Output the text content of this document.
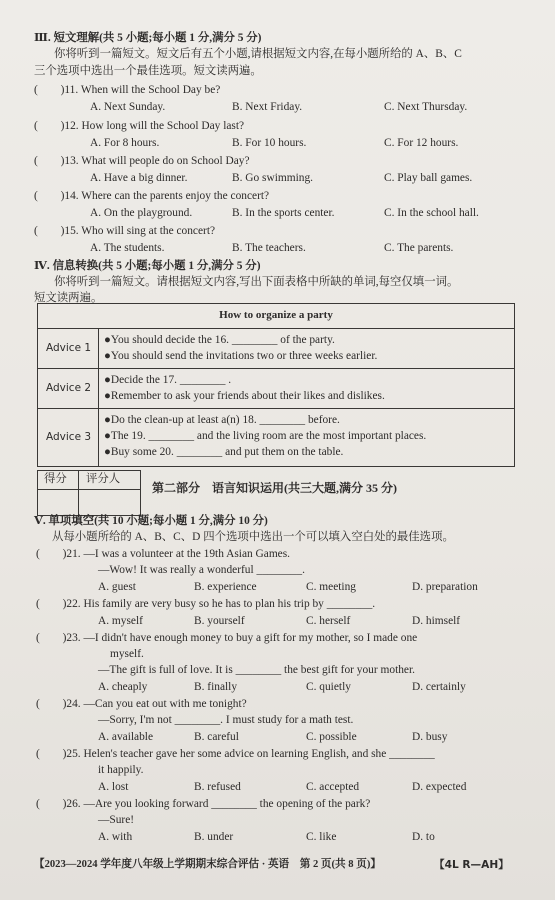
Ⅲ. 短文理解(共 5 小题;每小题 1 分,满分 5 分)
你将听到一篇短文。短文后有五个小题,请根据短文内容,在每小题所给的 A、B、C
三个选项中选出一个最佳选项。短文读两遍。
(　　)11. When will the School Day be?
A. Next Sunday.	B. Next Friday.	C. Next Thursday.
(　　)12. How long will the School Day last?
A. For 8 hours.	B. For 10 hours.	C. For 12 hours.
(　　)13. What will people do on School Day?
A. Have a big dinner.	B. Go swimming.	C. Play ball games.
(　　)14. Where can the parents enjoy the concert?
A. On the playground.	B. In the sports center.	C. In the school hall.
(　　)15. Who will sing at the concert?
A. The students.	B. The teachers.	C. The parents.
Ⅳ. 信息转换(共 5 小题;每小题 1 分,满分 5 分)
你将听到一篇短文。请根据短文内容,写出下面表格中所缺的单词,每空仅填一词。
短文读两遍。
How to organize a party
Advice 1
●You should decide the 16. ________ of the party.
●You should send the invitations two or three weeks earlier.
Advice 2
●Decide the 17. ________ .
●Remember to ask your friends about their likes and dislikes.
Advice 3
●Do the clean-up at least a(n) 18. ________ before.
●The 19. ________ and the living room are the most important places.
●Buy some 20. ________ and put them on the table.
得分 评分人
第二部分　语言知识运用(共三大题,满分 35 分)
Ⅴ. 单项填空(共 10 小题;每小题 1 分,满分 10 分)
从每小题所给的 A、B、C、D 四个选项中选出一个可以填入空白处的最佳选项。
(　　)21. —I was a volunteer at the 19th Asian Games.
—Wow! It was really a wonderful ________.
A. guest	B. experience	C. meeting	D. preparation
(　　)22. His family are very busy so he has to plan his trip by ________.
A. myself	B. yourself	C. herself	D. himself
(　　)23. —I didn't have enough money to buy a gift for my mother, so I made one
myself.
—The gift is full of love. It is ________ the best gift for your mother.
A. cheaply	B. finally	C. quietly	D. certainly
(　　)24. —Can you eat out with me tonight?
—Sorry, I'm not ________. I must study for a math test.
A. available	B. careful	C. possible	D. busy
(　　)25. Helen's teacher gave her some advice on learning English, and she ________
it happily.
A. lost	B. refused	C. accepted	D. expected
(　　)26. —Are you looking forward ________ the opening of the park?
—Sure!
A. with	B. under	C. like	D. to
【2023—2024 学年度八年级上学期期末综合评估 · 英语　第 2 页(共 8 页)】	【4L R—AH】
